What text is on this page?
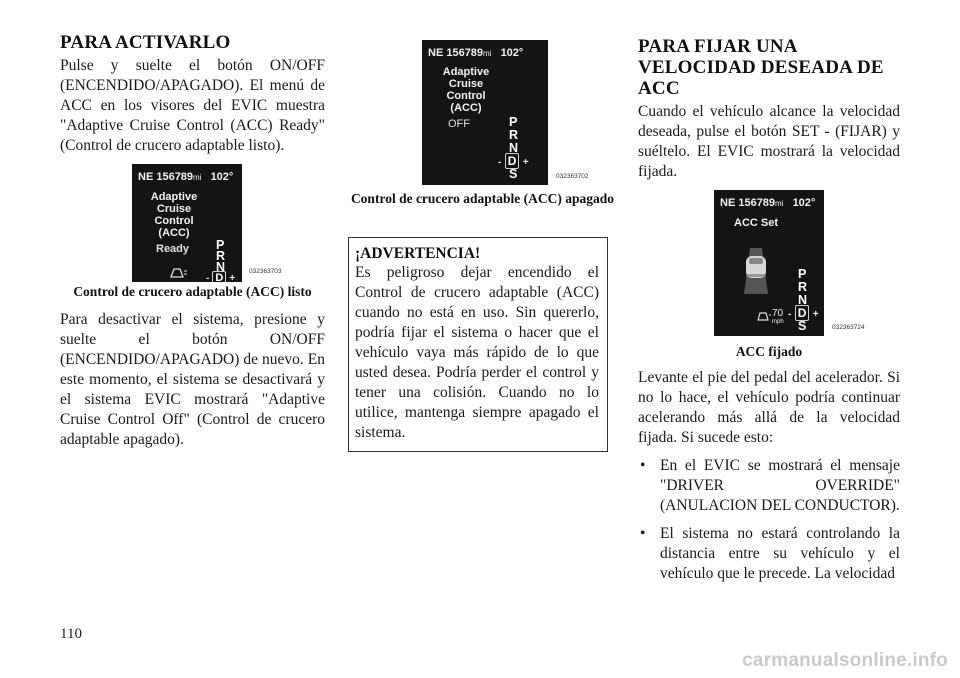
PARA ACTIVARLO

Pulse y suelte el botón ON/OFF (ENCENDIDO/APAGADO). El menú de ACC en los visores del EVIC muestra "Adaptive Cruise Control (ACC) Ready" (Control de crucero adaptable listo).

NE 156789mi 102°
Adaptive
Cruise
Control
(ACC)
Ready P
R
N
- D +
032363703
Control de crucero adaptable (ACC) listo

Para desactivar el sistema, presione y suelte el botón ON/OFF (ENCENDIDO/APAGADO) de nuevo. En este momento, el sistema se desactivará y el sistema EVIC mostrará "Adaptive Cruise Control Off" (Control de crucero adaptable apagado).

NE 156789mi 102°
Adaptive
Cruise
Control
(ACC)
OFF	P
R
N
- D +
S	032363702
Control de crucero adaptable (ACC) apagado
¡ADVERTENCIA!

Es peligroso dejar encendido el Control de crucero adaptable (ACC) cuando no está en uso. Sin quererlo, podría fijar el sistema o hacer que el vehículo vaya más rápido de lo que usted desea. Podría perder el control y tener una colisión. Cuando no lo utilice, mantenga siempre apagado el sistema.

PARA FIJAR UNA VELOCIDAD DESEADA DE ACC

Cuando el vehículo alcance la velocidad deseada, pulse el botón SET - (FIJAR) y suéltelo. El EVIC mostrará la velocidad fijada.

NE 156789mi 102°
ACC Set
70
mph
P
R
N
- D +
S	032363724
ACC fijado

Levante el pie del pedal del acelerador. Si no lo hace, el vehículo podría continuar acelerando más allá de la velocidad fijada. Si sucede esto:

• En el EVIC se mostrará el mensaje "DRIVER OVERRIDE" (ANULACION DEL CONDUCTOR).
• El sistema no estará controlando la distancia entre su vehículo y el vehículo que le precede. La velocidad
110
carmanualsonline.info
